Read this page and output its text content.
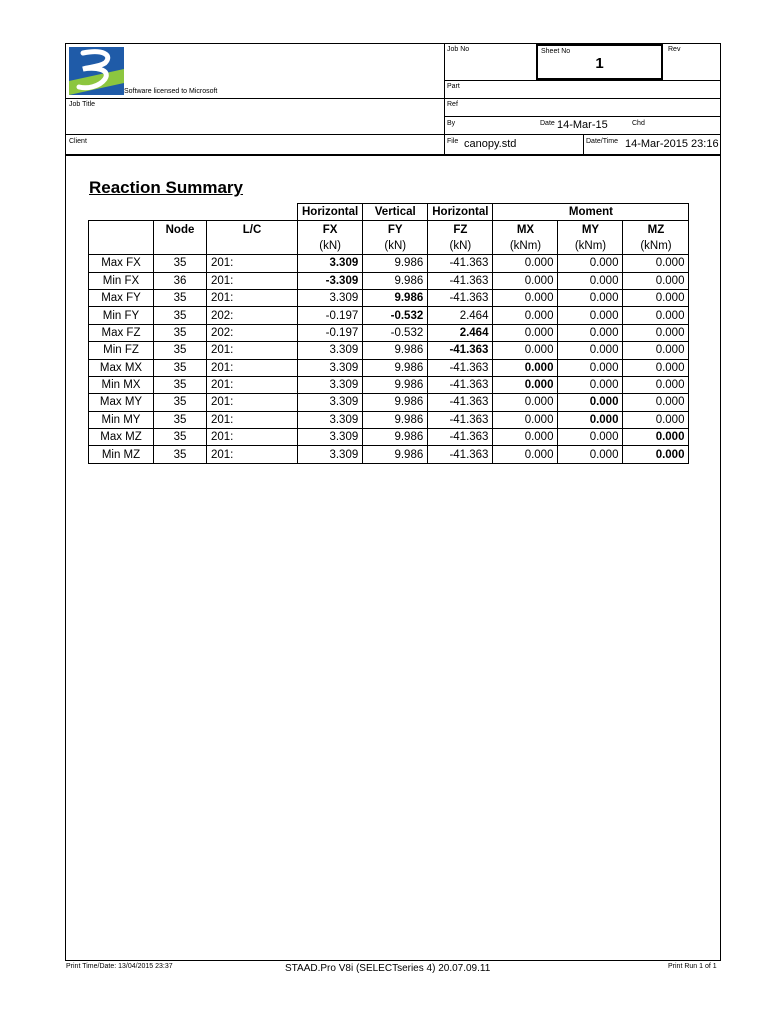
Software licensed to Microsoft
Sheet No
1
Job No	Rev
Part
Job Title	Ref
By	Date 14-Mar-15	Chd
Client	File canopy.std	Date/Time 14-Mar-2015 23:16
Reaction Summary
			Horizontal	Vertical	Horizontal	Moment		
	Node	L/C	FX	FY	FZ	MX	MY	MZ
			(kN)	(kN)	(kN)	(kNm)	(kNm)	(kNm)
Max FX	35	201:	3.309	9.986	-41.363	0.000	0.000	0.000
Min FX	36	201:	-3.309	9.986	-41.363	0.000	0.000	0.000
Max FY	35	201:	3.309	9.986	-41.363	0.000	0.000	0.000
Min FY	35	202:	-0.197	-0.532	2.464	0.000	0.000	0.000
Max FZ	35	202:	-0.197	-0.532	2.464	0.000	0.000	0.000
Min FZ	35	201:	3.309	9.986	-41.363	0.000	0.000	0.000
Max MX	35	201:	3.309	9.986	-41.363	0.000	0.000	0.000
Min MX	35	201:	3.309	9.986	-41.363	0.000	0.000	0.000
Max MY	35	201:	3.309	9.986	-41.363	0.000	0.000	0.000
Min MY	35	201:	3.309	9.986	-41.363	0.000	0.000	0.000
Max MZ	35	201:	3.309	9.986	-41.363	0.000	0.000	0.000
Min MZ	35	201:	3.309	9.986	-41.363	0.000	0.000	0.000
Print Time/Date: 13/04/2015 23:37	STAAD.Pro V8i (SELECTseries 4) 20.07.09.11	Print Run 1 of 1
